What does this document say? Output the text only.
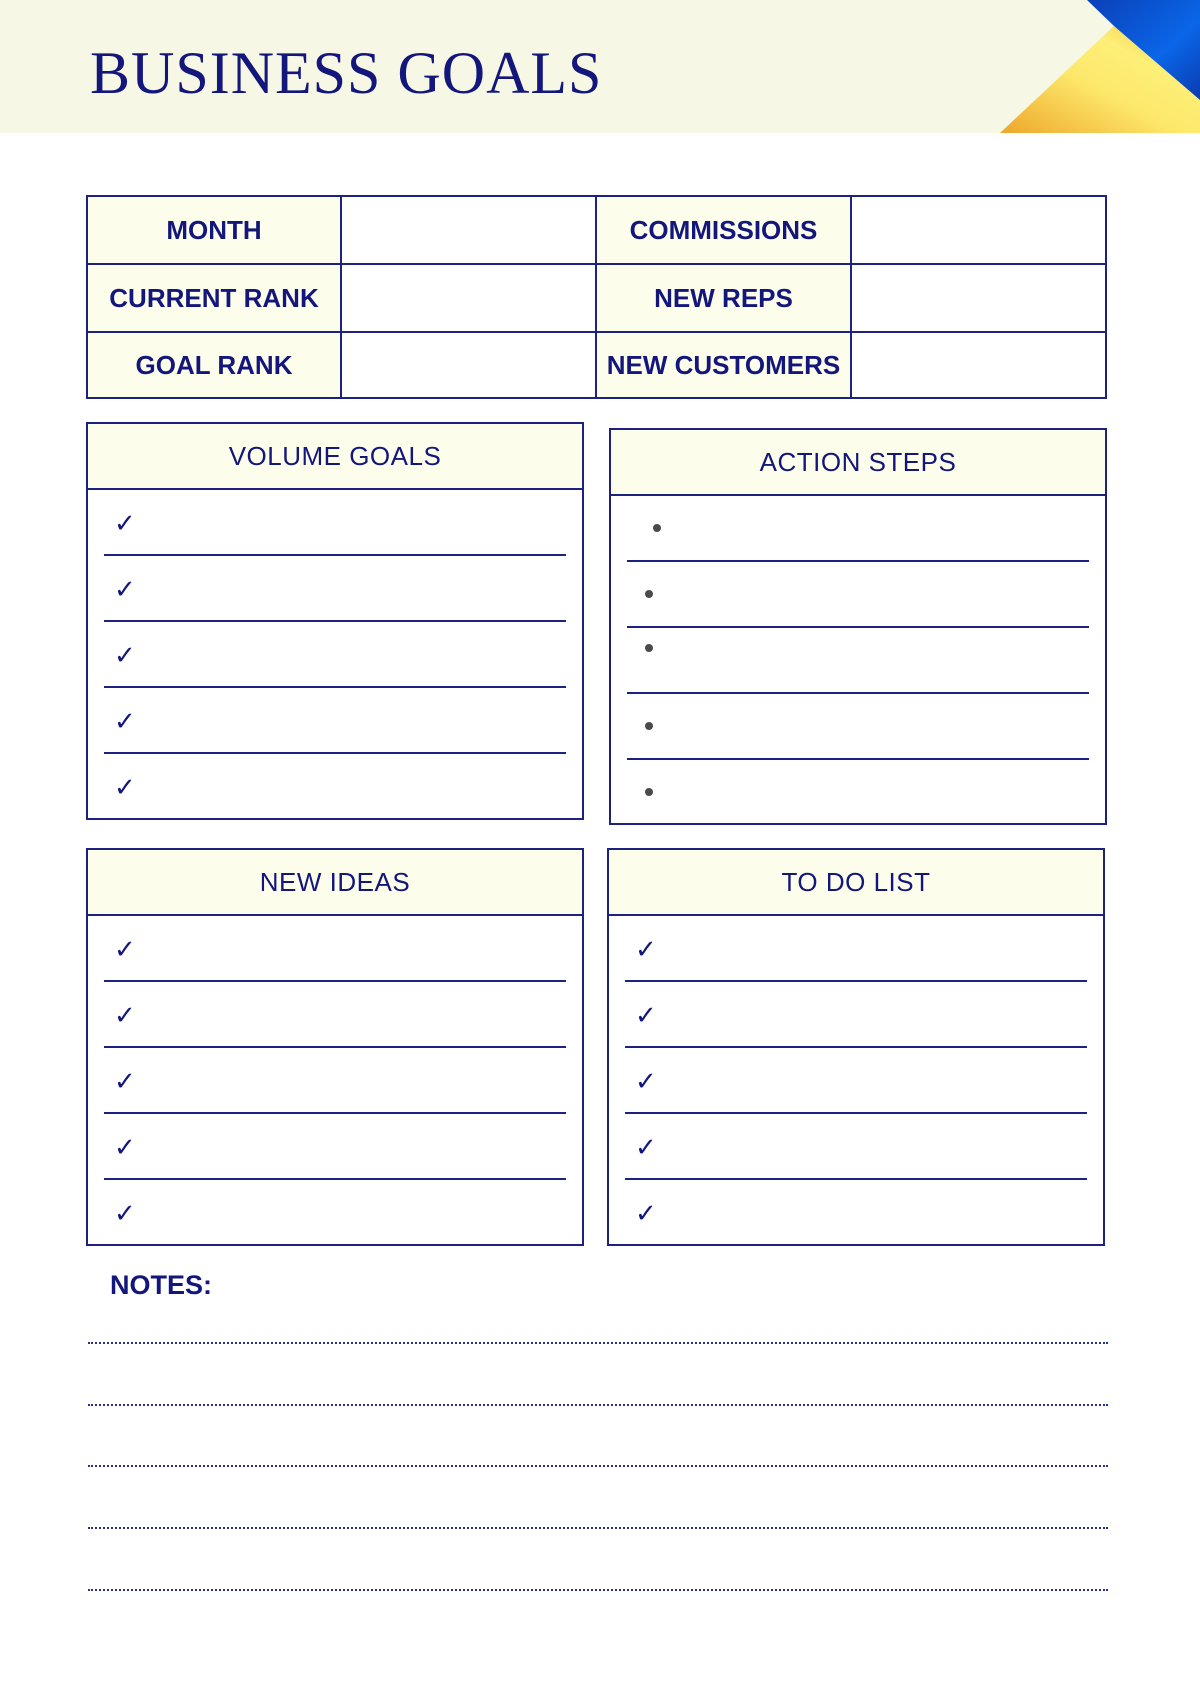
BUSINESS GOALS
MONTH	COMMISSIONS
CURRENT RANK	NEW REPS
GOAL RANK	NEW CUSTOMERS
VOLUME GOALS
✓
✓
✓
✓
✓
ACTION STEPS
NEW IDEAS
✓
✓
✓
✓
✓
TO DO LIST
✓
✓
✓
✓
✓
NOTES:
